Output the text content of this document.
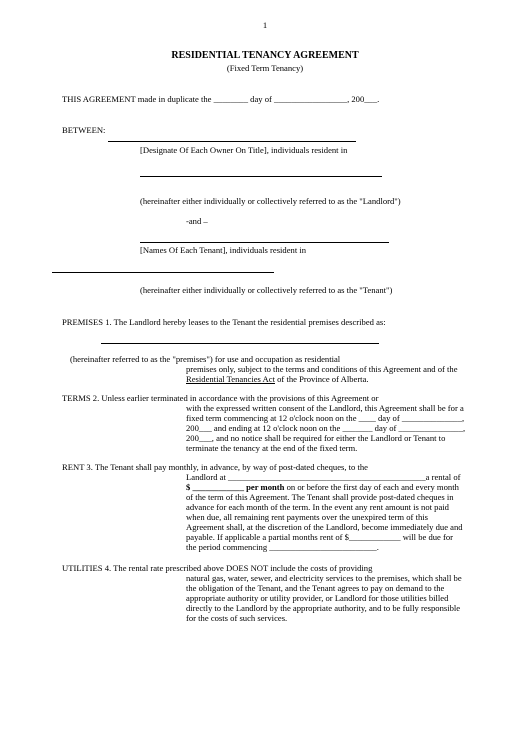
1
RESIDENTIAL TENANCY AGREEMENT
(Fixed Term Tenancy)
THIS AGREEMENT made in duplicate the ________ day of _________________, 200___.
BETWEEN:
[Designate Of Each Owner On Title], individuals resident in
(hereinafter either individually or collectively referred to as the "Landlord")
-and –
[Names Of Each Tenant], individuals resident in
(hereinafter either individually or collectively referred to as the "Tenant")
PREMISES 1. The Landlord hereby leases to the Tenant the residential premises described as:
(hereinafter referred to as the "premises") for use and occupation as residential
premises only, subject to the terms and conditions of this Agreement and of the
Residential Tenancies Act of the Province of Alberta.
TERMS 2. Unless earlier terminated in accordance with the provisions of this Agreement or
with the expressed written consent of the Landlord, this Agreement shall be for a
fixed term commencing at 12 o'clock noon on the ____ day of ______________,
200___ and ending at 12 o'clock noon on the _______ day of _______________,
200___, and no notice shall be required for either the Landlord or Tenant to
terminate the tenancy at the end of the fixed term.
RENT 3. The Tenant shall pay monthly, in advance, by way of post-dated cheques, to the
Landlord at ______________________________________________a rental of
$ ____________ per month on or before the first day of each and every month
of the term of this Agreement. The Tenant shall provide post-dated cheques in
advance for each month of the term. In the event any rent amount is not paid
when due, all remaining rent payments over the unexpired term of this
Agreement shall, at the discretion of the Landlord, become immediately due and
payable. If applicable a partial months rent of $____________ will be due for
the period commencing _________________________.
UTILITIES 4. The rental rate prescribed above DOES NOT include the costs of providing
natural gas, water, sewer, and electricity services to the premises, which shall be
the obligation of the Tenant, and the Tenant agrees to pay on demand to the
appropriate authority or utility provider, or Landlord for those utilities billed
directly to the Landlord by the appropriate authority, and to be fully responsible
for the costs of such services.
